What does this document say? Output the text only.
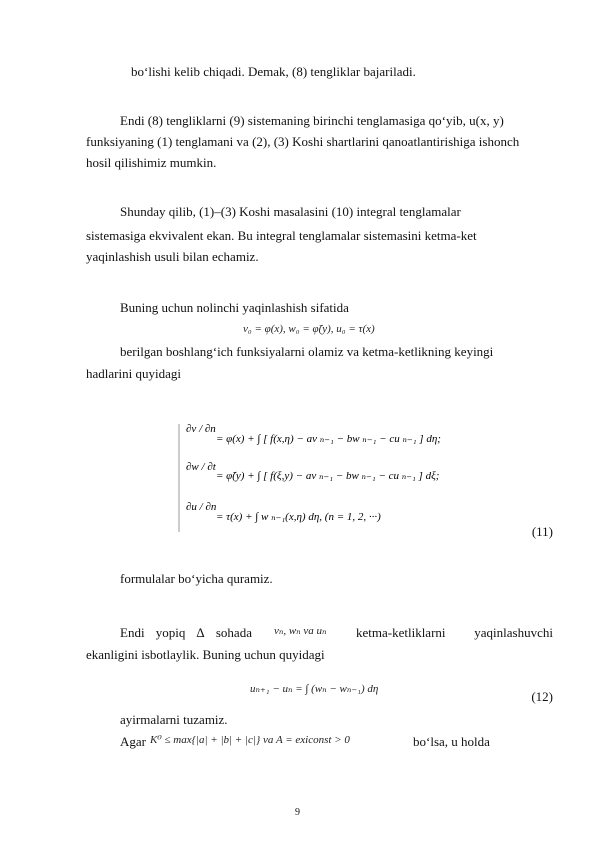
bo‘lishi kelib chiqadi. Demak, (8) tengliklar bajariladi.
Endi (8) tengliklarni (9) sistemaning birinchi tenglamasiga qo‘yib, u(x, y)
funksiyaning (1) tenglamani va (2), (3) Koshi shartlarini qanoatlantirishiga ishonch
hosil qilishimiz mumkin.
Shunday qilib, (1)–(3) Koshi masalasini (10) integral tenglamalar
sistemasiga ekvivalent ekan. Bu integral tenglamalar sistemasini ketma-ket
yaqinlashish usuli bilan echamiz.
Buning uchun nolinchi yaqinlashish sifatida
v₀ = φ(x), w₀ = φ̃(y), u₀ = τ(x)
berilgan boshlang‘ich funksiyalarni olamiz va ketma-ketlikning keyingi
hadlarini quyidagi
∂v / ∂n
= φ(x) + ∫ [ f(x,η) − av ₙ₋₁ − bw ₙ₋₁ − cu ₙ₋₁ ] dη;
∂w / ∂t
= φ̃(y) + ∫ [ f(ξ,y) − av ₙ₋₁ − bw ₙ₋₁ − cu ₙ₋₁ ] dξ;
∂u / ∂n
= τ(x) + ∫ w ₙ₋₁(x,η) dη, (n = 1, 2, ···)
(11)
formulalar bo‘yicha quramiz.
Endi yopiq ∆ sohada vₙ, wₙ va uₙ ketma-ketliklarni yaqinlashuvchi
ekanligini isbotlaylik. Buning uchun quyidagi
uₙ₊₁ − uₙ = ∫ (wₙ − wₙ₋₁) dη	(12)
ayirmalarni tuzamiz.
Agar K⁰ ≤ max{|a| + |b| + |c|} va A = exiconst > 0	bo‘lsa, u holda
9
